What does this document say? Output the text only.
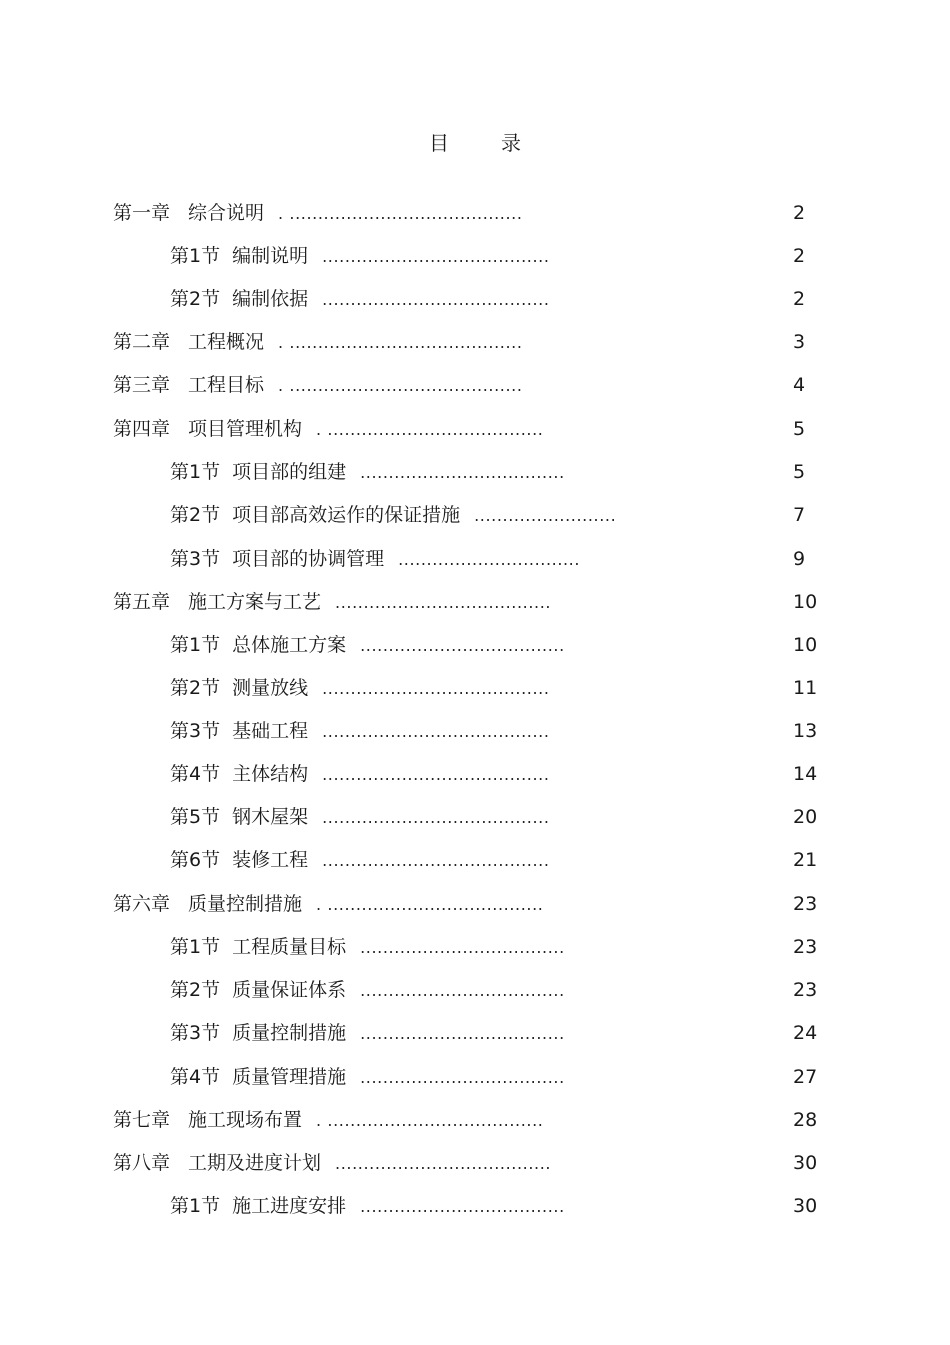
目	录
第一章 综合说明 . .........................................	2
第1节 编制说明 ........................................	2
第2节 编制依据 ........................................	2
第二章 工程概况 . .........................................	3
第三章 工程目标 . .........................................	4
第四章 项目管理机构 . ......................................	5
第1节 项目部的组建 ....................................	5
第2节 项目部高效运作的保证措施 .........................	7
第3节 项目部的协调管理 ................................	9
第五章 施工方案与工艺 ......................................	10
第1节 总体施工方案 ....................................	10
第2节 测量放线 ........................................	11
第3节 基础工程 ........................................	13
第4节 主体结构 ........................................	14
第5节 钢木屋架 ........................................	20
第6节 装修工程 ........................................	21
第六章 质量控制措施 . ......................................	23
第1节 工程质量目标 ....................................	23
第2节 质量保证体系 ....................................	23
第3节 质量控制措施 ....................................	24
第4节 质量管理措施 ....................................	27
第七章 施工现场布置 . ......................................	28
第八章 工期及进度计划 ......................................	30
第1节 施工进度安排 ....................................	30
